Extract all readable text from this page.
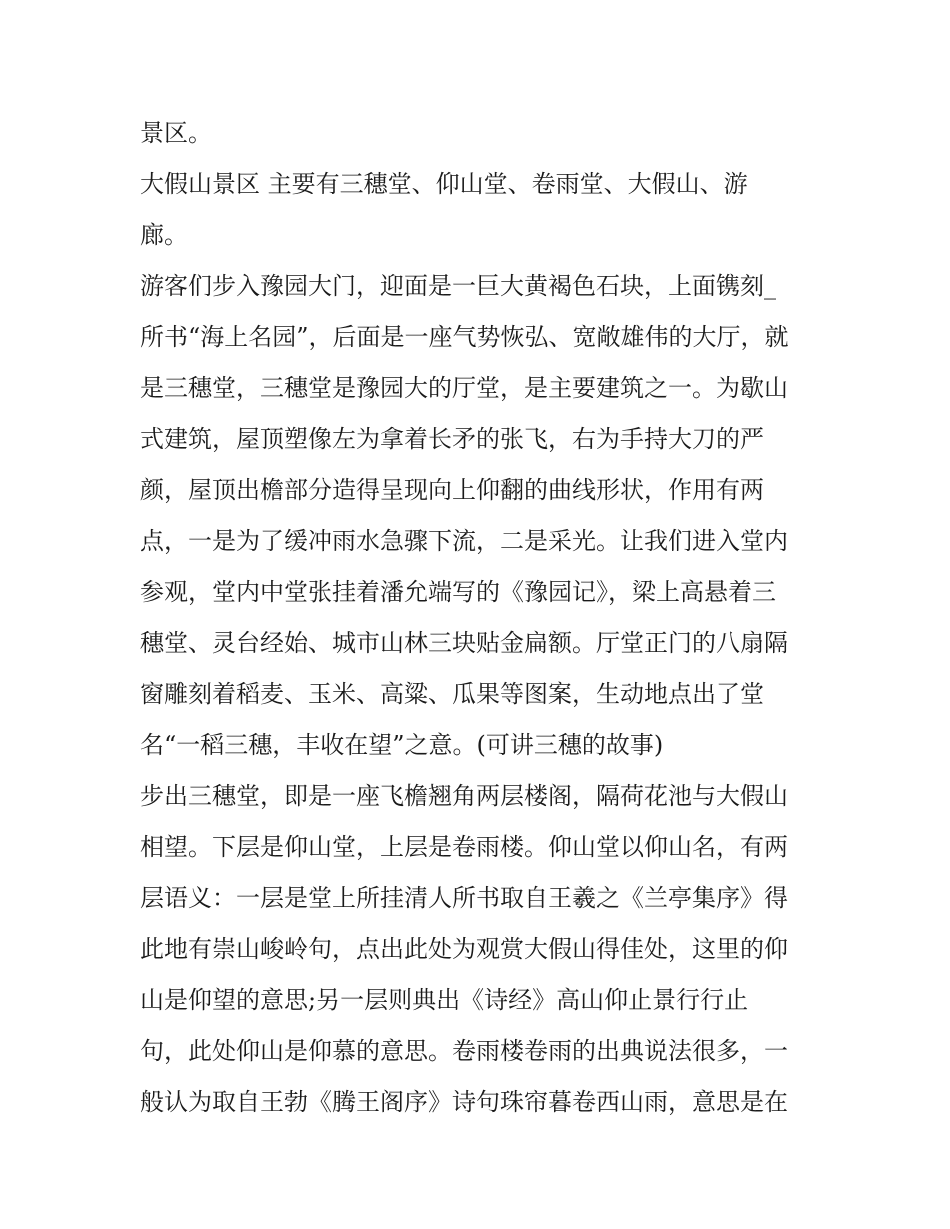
景区。
大假山景区 主要有三穗堂、仰山堂、卷雨堂、大假山、游
廊。
游客们步入豫园大门，迎面是一巨大黄褐色石块，上面镌刻_
所书“海上名园”，后面是一座气势恢弘、宽敞雄伟的大厅，就
是三穗堂，三穗堂是豫园大的厅堂，是主要建筑之一。为歇山
式建筑，屋顶塑像左为拿着长矛的张飞，右为手持大刀的严
颜，屋顶出檐部分造得呈现向上仰翻的曲线形状，作用有两
点，一是为了缓冲雨水急骤下流，二是采光。让我们进入堂内
参观，堂内中堂张挂着潘允端写的《豫园记》，梁上高悬着三
穗堂、灵台经始、城市山林三块贴金扁额。厅堂正门的八扇隔
窗雕刻着稻麦、玉米、高粱、瓜果等图案，生动地点出了堂
名“一稻三穗，丰收在望”之意。(可讲三穗的故事)
步出三穗堂，即是一座飞檐翘角两层楼阁，隔荷花池与大假山
相望。下层是仰山堂，上层是卷雨楼。仰山堂以仰山名，有两
层语义：一层是堂上所挂清人所书取自王羲之《兰亭集序》得
此地有崇山峻岭句，点出此处为观赏大假山得佳处，这里的仰
山是仰望的意思;另一层则典出《诗经》高山仰止景行行止
句，此处仰山是仰慕的意思。卷雨楼卷雨的出典说法很多，一
般认为取自王勃《腾王阁序》诗句珠帘暮卷西山雨，意思是在
